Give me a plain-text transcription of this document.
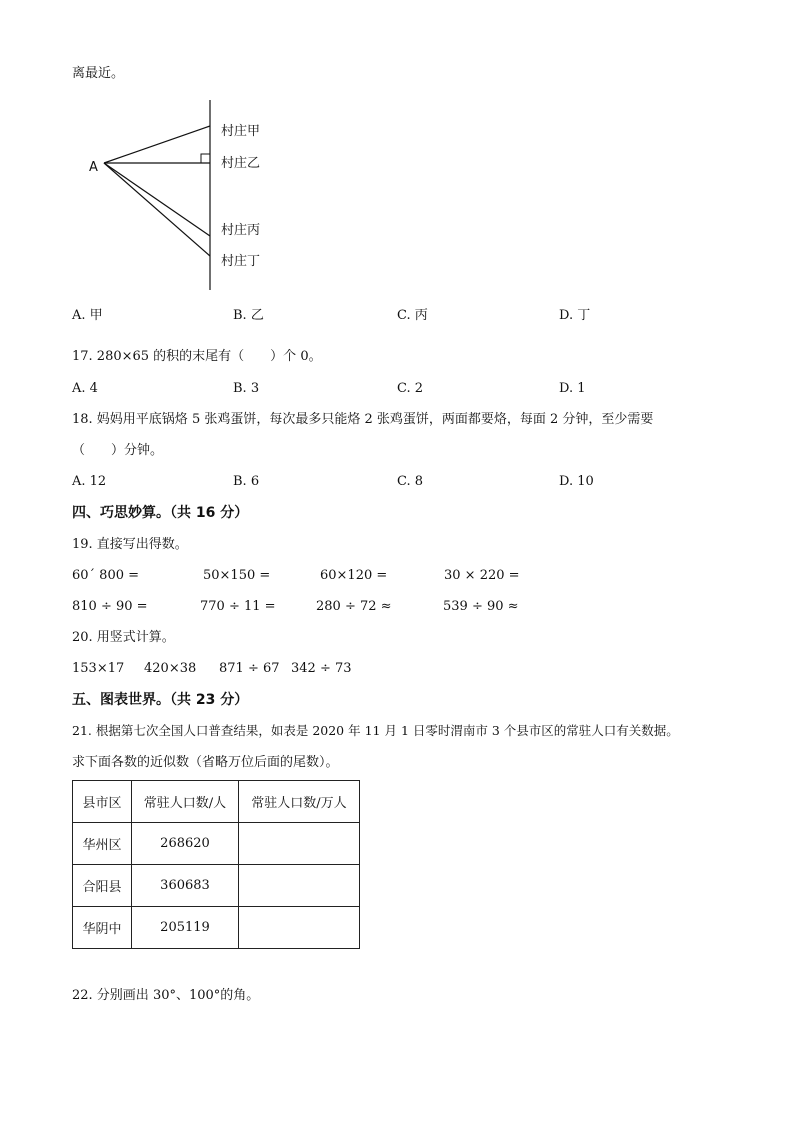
离最近。
A
村庄甲
村庄乙
村庄丙
村庄丁
A. 甲	B. 乙	C. 丙	D. 丁
17. 280×65 的积的末尾有（　　）个 0。
A. 4	B. 3	C. 2	D. 1
18. 妈妈用平底锅烙 5 张鸡蛋饼，每次最多只能烙 2 张鸡蛋饼，两面都要烙，每面 2 分钟，至少需要
（　　）分钟。
A. 12	B. 6	C. 8	D. 10
四、巧思妙算。（共 16 分）
19. 直接写出得数。
60´ 800 =	50×150 =	60×120 =	30 × 220 =
810 ÷ 90 =	770 ÷ 11 =	280 ÷ 72 ≈	539 ÷ 90 ≈
20. 用竖式计算。
153×17 420×38 871 ÷ 67 342 ÷ 73
五、图表世界。（共 23 分）
21. 根据第七次全国人口普查结果，如表是 2020 年 11 月 1 日零时渭南市 3 个县市区的常驻人口有关数据。
求下面各数的近似数（省略万位后面的尾数）。
县市区	常驻人口数/人	常驻人口数/万人
华州区	268620	
合阳县	360683	
华阴中	205119	
22. 分别画出 30°、100°的角。
